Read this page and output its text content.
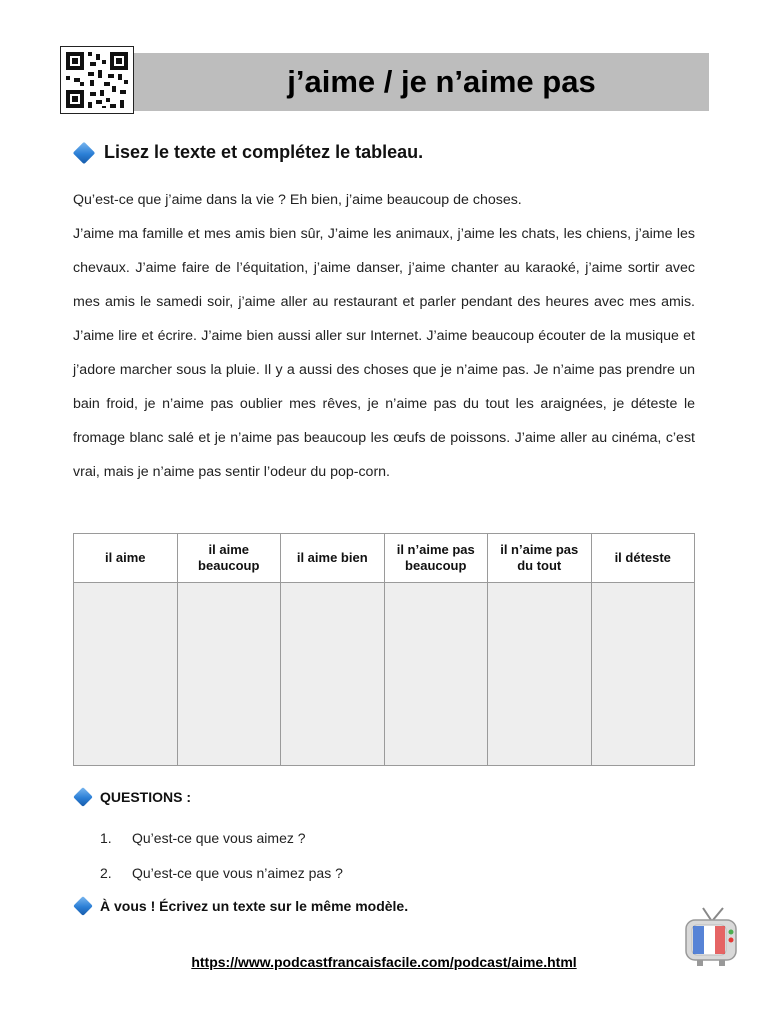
j’aime / je n’aime pas
Lisez le texte et complétez le tableau.

Qu’est-ce que j’aime dans la vie ? Eh bien, j’aime beaucoup de choses.

J’aime ma famille et mes amis bien sûr, J’aime les animaux, j’aime les chats, les chiens, j’aime les chevaux. J’aime faire de l’équitation, j’aime danser, j’aime chanter au karaoké, j’aime sortir avec mes amis le samedi soir, j’aime aller au restaurant et parler pendant des heures avec mes amis. J’aime lire et écrire. J’aime bien aussi aller sur Internet. J’aime beaucoup écouter de la musique et j’adore marcher sous la pluie. Il y a aussi des choses que je n’aime pas. Je n’aime pas prendre un bain froid, je n’aime pas oublier mes rêves, je n’aime pas du tout les araignées, je déteste le fromage blanc salé et je n’aime pas beaucoup les œufs de poissons. J’aime aller au cinéma, c’est vrai, mais je n’aime pas sentir l’odeur du pop-corn.

il aime	il aime beaucoup	il aime bien	il n’aime pas beaucoup	il n’aime pas du tout	il déteste

QUESTIONS :
1.	Qu’est-ce que vous aimez ?
2.	Qu’est-ce que vous n’aimez pas ?
À vous ! Écrivez un texte sur le même modèle.
https://www.podcastfrancaisfacile.com/podcast/aime.html
